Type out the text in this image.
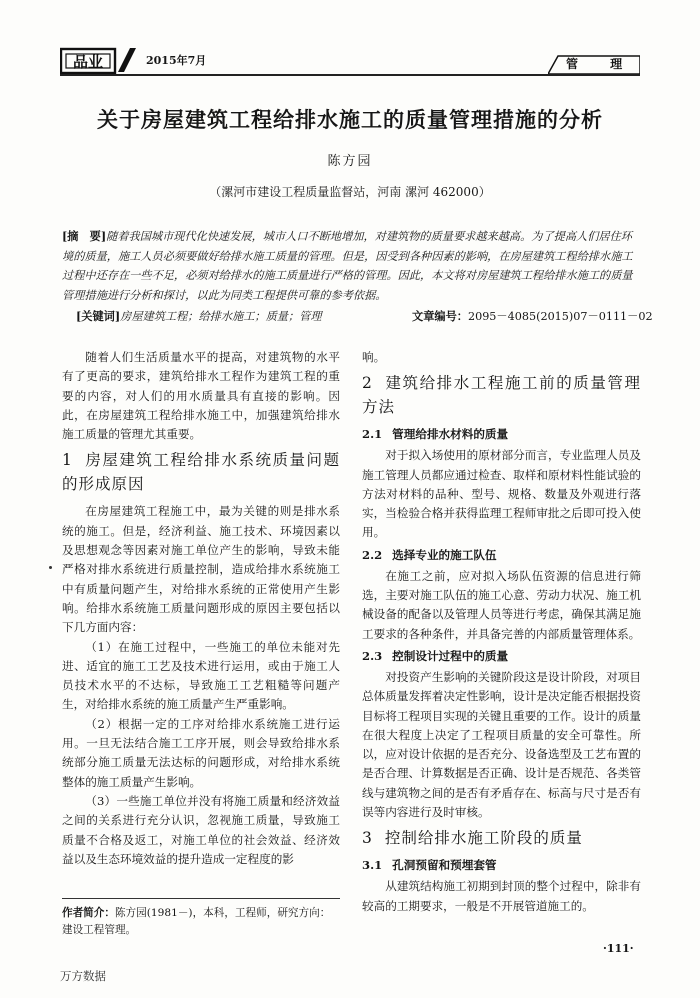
品业	2015年7月	管 理
关于房屋建筑工程给排水施工的质量管理措施的分析
陈方园
（漯河市建设工程质量监督站，河南 漯河 462000）
[摘　要]随着我国城市现代化快速发展，城市人口不断地增加，对建筑物的质量要求越来越高。为了提高人们居住环境的质量，施工人员必须要做好给排水施工质量的管理。但是，因受到各种因素的影响，在房屋建筑工程给排水施工过程中还存在一些不足，必须对给排水的施工质量进行严格的管理。因此，本文将对房屋建筑工程给排水施工的质量管理措施进行分析和探讨，以此为同类工程提供可靠的参考依据。
[关键词]房屋建筑工程；给排水施工；质量；管理	文章编号：2095－4085(2015)07－0111－02

随着人们生活质量水平的提高，对建筑物的水平有了更高的要求，建筑给排水工程作为建筑工程的重要的内容，对人们的用水质量具有直接的影响。因此，在房屋建筑工程给排水施工中，加强建筑给排水施工质量的管理尤其重要。

1 房屋建筑工程给排水系统质量问题的形成原因

在房屋建筑工程施工中，最为关键的则是排水系统的施工。但是，经济利益、施工技术、环境因素以及思想观念等因素对施工单位产生的影响，导致未能严格对排水系统进行质量控制，造成给排水系统施工中有质量问题产生，对给排水系统的正常使用产生影响。给排水系统施工质量问题形成的原因主要包括以下几方面内容：

（1）在施工过程中，一些施工的单位未能对先进、适宜的施工工艺及技术进行运用，或由于施工人员技术水平的不达标，导致施工工艺粗糙等问题产生，对给排水系统的施工质量产生严重影响。

（2）根据一定的工序对给排水系统施工进行运用。一旦无法结合施工工序开展，则会导致给排水系统部分施工质量无法达标的问题形成，对给排水系统整体的施工质量产生影响。

（3）一些施工单位并没有将施工质量和经济效益之间的关系进行充分认识，忽视施工质量，导致施工质量不合格及返工，对施工单位的社会效益、经济效益以及生态环境效益的提升造成一定程度的影

响。

2 建筑给排水工程施工前的质量管理方法
2.1 管理给排水材料的质量

对于拟入场使用的原材部分而言，专业监理人员及施工管理人员都应通过检查、取样和原材料性能试验的方法对材料的品种、型号、规格、数量及外观进行落实，当检验合格并获得监理工程师审批之后即可投入使用。

2.2 选择专业的施工队伍

在施工之前，应对拟入场队伍资源的信息进行筛选，主要对施工队伍的施工心意、劳动力状况、施工机械设备的配备以及管理人员等进行考虑，确保其满足施工要求的各种条件，并具备完善的内部质量管理体系。

2.3 控制设计过程中的质量

对投资产生影响的关键阶段这是设计阶段，对项目总体质量发挥着决定性影响，设计是决定能否根据投资目标将工程项目实现的关键且重要的工作。设计的质量在很大程度上决定了工程项目质量的安全可靠性。所以，应对设计依据的是否充分、设备选型及工艺布置的是否合理、计算数据是否正确、设计是否规范、各类管线与建筑物之间的是否有矛盾存在、标高与尺寸是否有误等内容进行及时审核。

3 控制给排水施工阶段的质量
3.1 孔洞预留和预埋套管

从建筑结构施工初期到封顶的整个过程中，除非有较高的工期要求，一般是不开展管道施工的。

作者简介：陈方园(1981－)，本科，工程师，研究方向：建设工程管理。
·111·
万方数据
